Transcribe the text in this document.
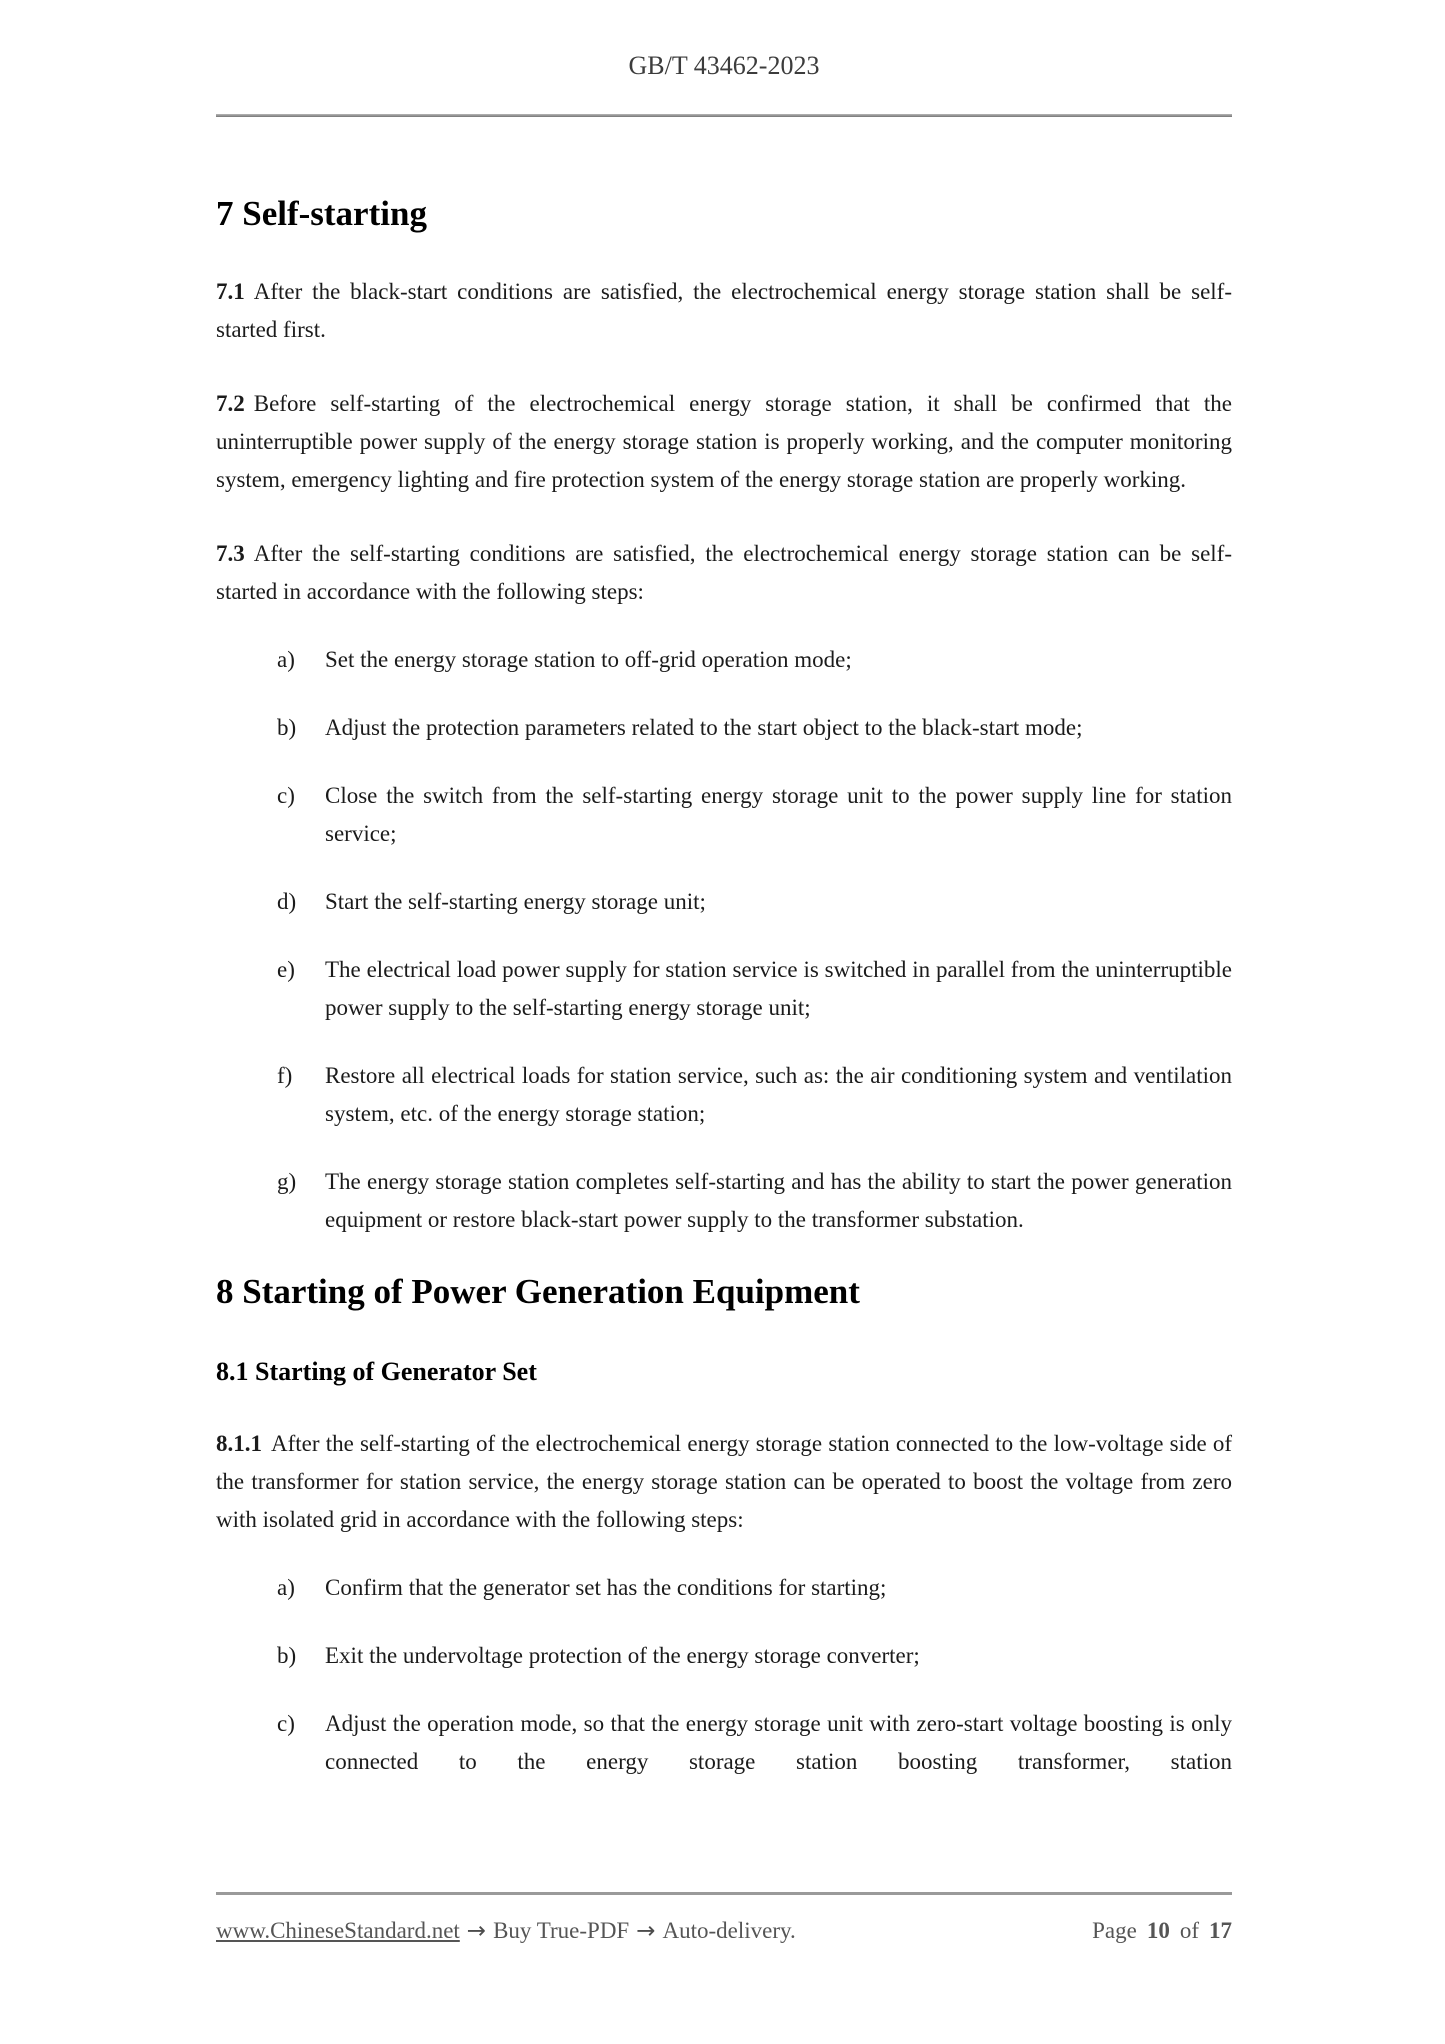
GB/T 43462-2023
7 Self-starting

7.1 After the black-start conditions are satisfied, the electrochemical energy storage station shall be self-started first.

7.2 Before self-starting of the electrochemical energy storage station, it shall be confirmed that the uninterruptible power supply of the energy storage station is properly working, and the computer monitoring system, emergency lighting and fire protection system of the energy storage station are properly working.

7.3 After the self-starting conditions are satisfied, the electrochemical energy storage station can be self-started in accordance with the following steps:

a)	Set the energy storage station to off-grid operation mode;
b)	Adjust the protection parameters related to the start object to the black-start mode;
c)	Close the switch from the self-starting energy storage unit to the power supply line for station service;
d)	Start the self-starting energy storage unit;
e)	The electrical load power supply for station service is switched in parallel from the uninterruptible power supply to the self-starting energy storage unit;
f)	Restore all electrical loads for station service, such as: the air conditioning system and ventilation system, etc. of the energy storage station;
g)	The energy storage station completes self-starting and has the ability to start the power generation equipment or restore black-start power supply to the transformer substation.
8 Starting of Power Generation Equipment
8.1 Starting of Generator Set

8.1.1 After the self-starting of the electrochemical energy storage station connected to the low-voltage side of the transformer for station service, the energy storage station can be operated to boost the voltage from zero with isolated grid in accordance with the following steps:

a)	Confirm that the generator set has the conditions for starting;
b)	Exit the undervoltage protection of the energy storage converter;
c)	Adjust the operation mode, so that the energy storage unit with zero-start voltage boosting is only connected to the energy storage station boosting transformer, station
www.ChineseStandard.net → Buy True-PDF → Auto-delivery.	Page 10 of 17
